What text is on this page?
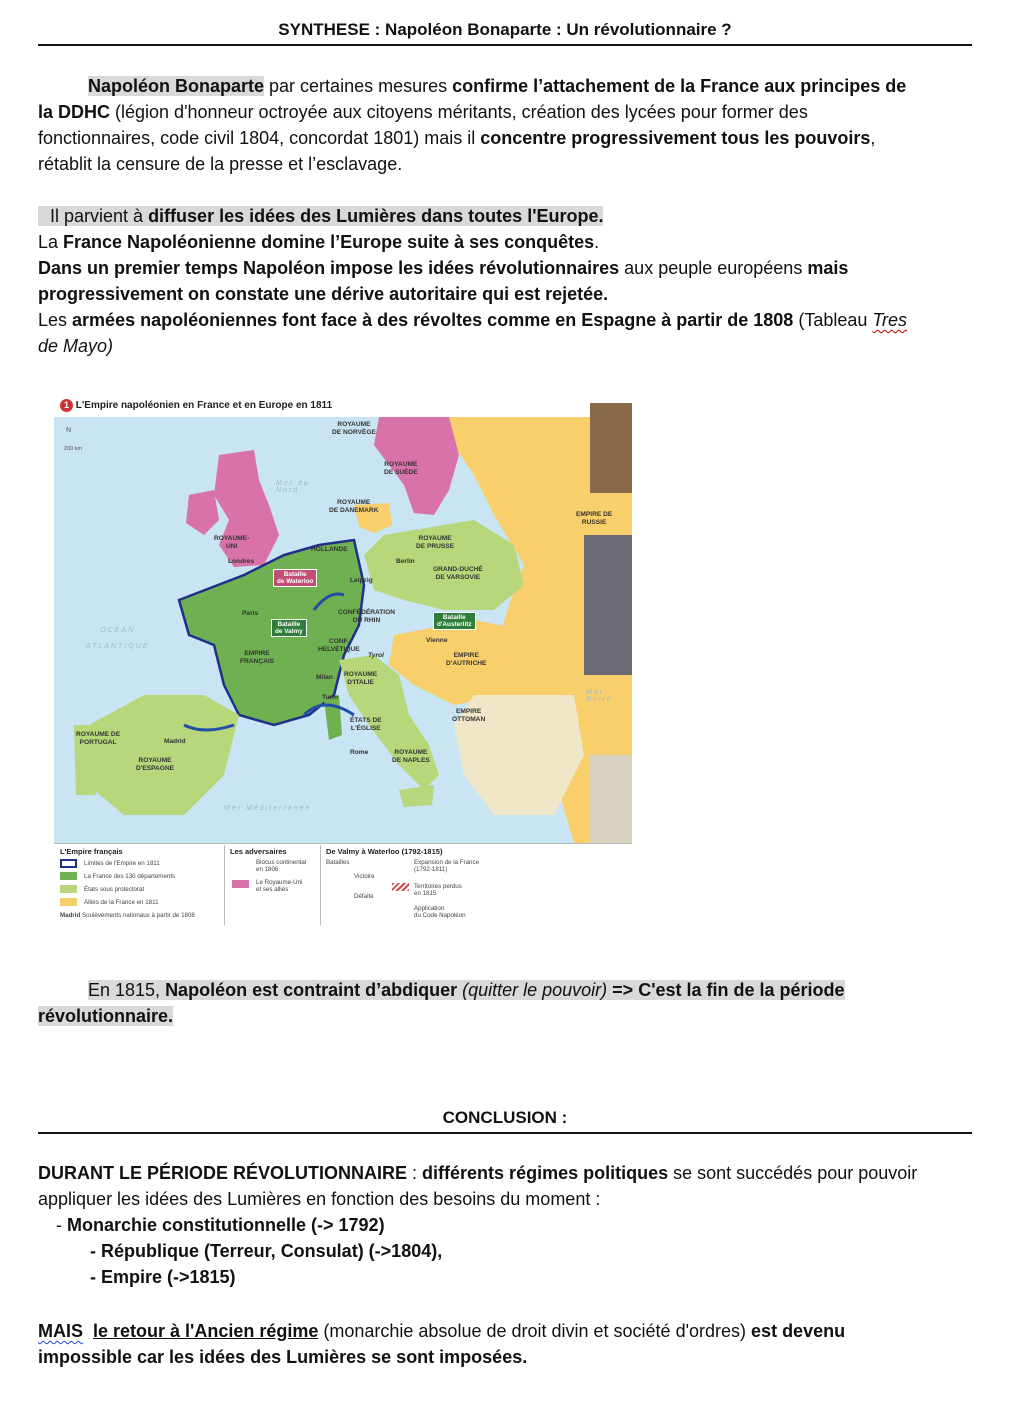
SYNTHESE : Napoléon Bonaparte : Un révolutionnaire ?
Napoléon Bonaparte par certaines mesures confirme l’attachement de la France aux principes de
la DDHC (légion d'honneur octroyée aux citoyens méritants, création des lycées pour former des
fonctionnaires, code civil 1804, concordat 1801) mais il concentre progressivement tous les pouvoirs,
rétablit la censure de la presse et l’esclavage.
Il parvient à diffuser les idées des Lumières dans toutes l'Europe.
La France Napoléonienne domine l’Europe suite à ses conquêtes.
Dans un premier temps Napoléon impose les idées révolutionnaires aux peuple européens mais
progressivement on constate une dérive autoritaire qui est rejetée.
Les armées napoléoniennes font face à des révoltes comme en Espagne à partir de 1808 (Tableau Tres
de Mayo)
1 L'Empire napoléonien en France et en Europe en 1811
N
200 km
ROYAUME
DE NORVÈGE
ROYAUME
DE SUÈDE
ROYAUME
DE DANEMARK
EMPIRE DE
RUSSIE
ROYAUME-
UNI
Londres
HOLLANDE
ROYAUME
DE PRUSSE
Berlin
GRAND-DUCHÉ
DE VARSOVIE
Leipzig
Paris	CONFÉDÉRATION
DU RHIN
Vienne
EMPIRE
D'AUTRICHE
EMPIRE
FRANÇAIS
CONF.
HELVÉTIQUE
Tyrol
ROYAUME
D'ITALIE
Milan
Turin
EMPIRE
OTTOMAN
ÉTATS DE
L'ÉGLISE
Rome	ROYAUME
DE NAPLES
ROYAUME DE
PORTUGAL	Madrid
ROYAUME
D'ESPAGNE
Mer du
Nord
OCÉAN
ATLANTIQUE
Mer
Noire
Mer Méditerranée
Bataille
de Waterloo
Bataille
de Valmy
Bataille
d'Austerlitz
L'Empire français
Limites de l'Empire en 1811
La France des 130 départements
États sous protectorat
Alliés de la France en 1811
Madrid Soulèvements nationaux à partir de 1808
Les adversaires
Blocus continental
en 1806
Le Royaume-Uni
et ses alliés
De Valmy à Waterloo (1792-1815)
Batailles
Victoire
Défaite
Expansion de la France
(1792-1811)
Territoires perdus
en 1815
Application
du Code Napoléon
En 1815, Napoléon est contraint d’abdiquer (quitter le pouvoir) => C'est la fin de la période
révolutionnaire.
CONCLUSION :
DURANT LE PÉRIODE RÉVOLUTIONNAIRE : différents régimes politiques se sont succédés pour pouvoir
appliquer les idées des Lumières en fonction des besoins du moment :
- Monarchie constitutionnelle (-> 1792)
- République (Terreur, Consulat) (->1804),
- Empire (->1815)
MAIS le retour à l'Ancien régime (monarchie absolue de droit divin et société d'ordres) est devenu
impossible car les idées des Lumières se sont imposées.
